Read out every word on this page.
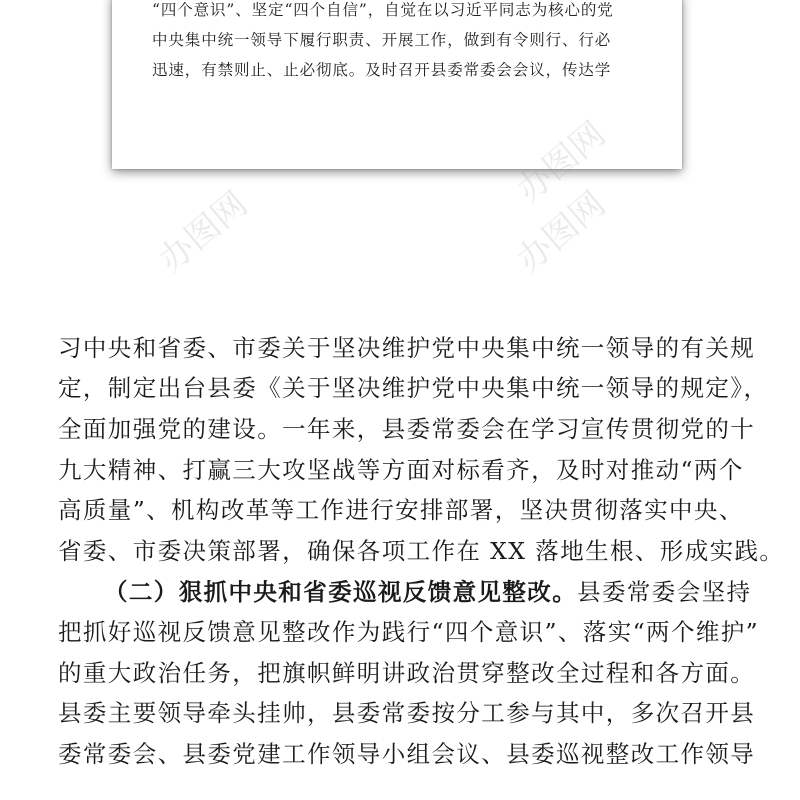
“四个意识”、坚定“四个自信”，自觉在以习近平同志为核心的党
中央集中统一领导下履行职责、开展工作，做到有令则行、行必
迅速，有禁则止、止必彻底。及时召开县委常委会会议，传达学
办图网	办图网
办图网
习中央和省委、市委关于坚决维护党中央集中统一领导的有关规
定，制定出台县委《关于坚决维护党中央集中统一领导的规定》，
全面加强党的建设。一年来，县委常委会在学习宣传贯彻党的十
九大精神、打赢三大攻坚战等方面对标看齐，及时对推动“两个
高质量”、机构改革等工作进行安排部署，坚决贯彻落实中央、
省委、市委决策部署，确保各项工作在 XX 落地生根、形成实践。
（二）狠抓中央和省委巡视反馈意见整改。县委常委会坚持
把抓好巡视反馈意见整改作为践行“四个意识”、落实“两个维护”
的重大政治任务，把旗帜鲜明讲政治贯穿整改全过程和各方面。
县委主要领导牵头挂帅，县委常委按分工参与其中，多次召开县
委常委会、县委党建工作领导小组会议、县委巡视整改工作领导
